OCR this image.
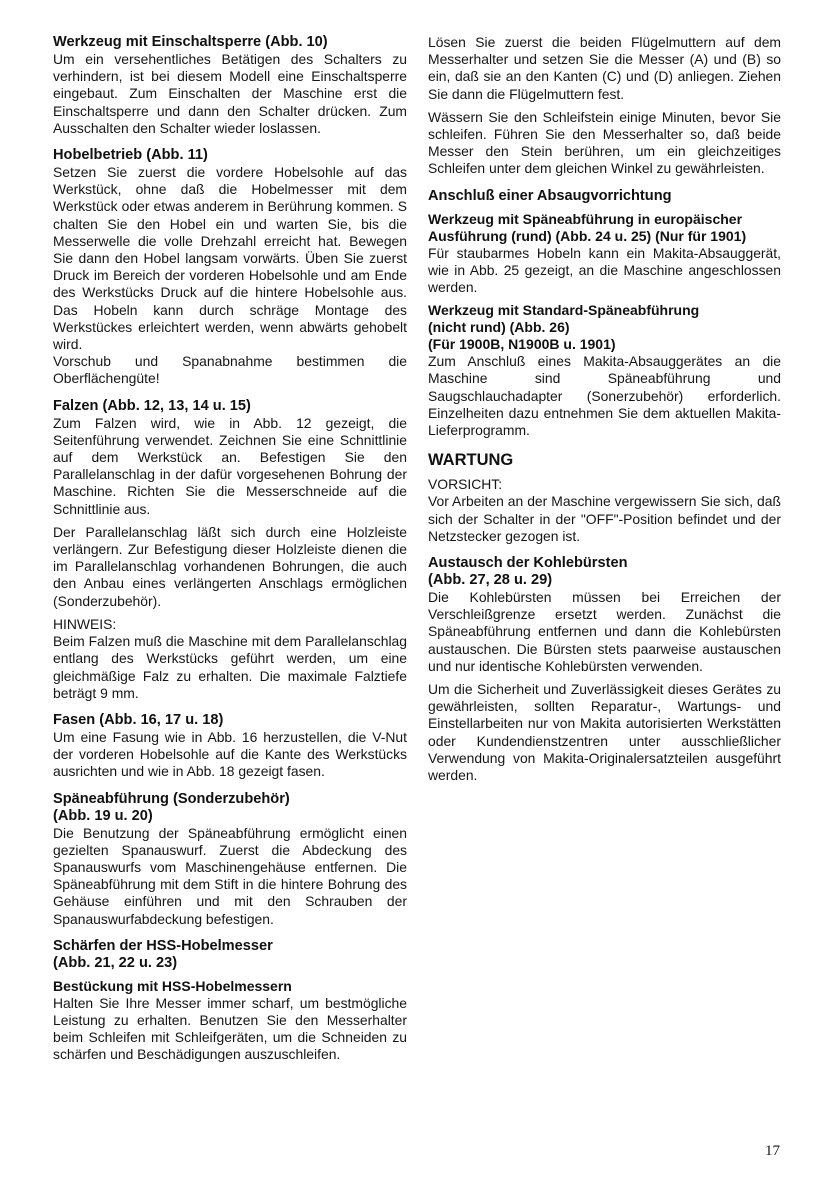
Werkzeug mit Einschaltsperre (Abb. 10)
Um ein versehentliches Betätigen des Schalters zu verhindern, ist bei diesem Modell eine Einschaltsperre eingebaut. Zum Einschalten der Maschine erst die Einschaltsperre und dann den Schalter drücken. Zum Ausschalten den Schalter wieder loslassen.
Hobelbetrieb (Abb. 11)
Setzen Sie zuerst die vordere Hobelsohle auf das Werkstück, ohne daß die Hobelmesser mit dem Werkstück oder etwas anderem in Berührung kommen. S chalten Sie den Hobel ein und warten Sie, bis die Messerwelle die volle Drehzahl erreicht hat. Bewegen Sie dann den Hobel langsam vorwärts. Üben Sie zuerst Druck im Bereich der vorderen Hobelsohle und am Ende des Werkstücks Druck auf die hintere Hobelsohle aus. Das Hobeln kann durch schräge Montage des Werkstückes erleichtert werden, wenn abwärts gehobelt wird.
Vorschub und Spanabnahme bestimmen die Oberflächengüte!
Falzen (Abb. 12, 13, 14 u. 15)
Zum Falzen wird, wie in Abb. 12 gezeigt, die Seitenführung verwendet. Zeichnen Sie eine Schnittlinie auf dem Werkstück an. Befestigen Sie den Parallelanschlag in der dafür vorgesehenen Bohrung der Maschine. Richten Sie die Messerschneide auf die Schnittlinie aus.
Der Parallelanschlag läßt sich durch eine Holzleiste verlängern. Zur Befestigung dieser Holzleiste dienen die im Parallelanschlag vorhandenen Bohrungen, die auch den Anbau eines verlängerten Anschlags ermöglichen (Sonderzubehör).
HINWEIS:
Beim Falzen muß die Maschine mit dem Parallelanschlag entlang des Werkstücks geführt werden, um eine gleichmäßige Falz zu erhalten. Die maximale Falztiefe beträgt 9 mm.
Fasen (Abb. 16, 17 u. 18)
Um eine Fasung wie in Abb. 16 herzustellen, die V-Nut der vorderen Hobelsohle auf die Kante des Werkstücks ausrichten und wie in Abb. 18 gezeigt fasen.
Späneabführung (Sonderzubehör)
(Abb. 19 u. 20)
Die Benutzung der Späneabführung ermöglicht einen gezielten Spanauswurf. Zuerst die Abdeckung des Spanauswurfs vom Maschinengehäuse entfernen. Die Späneabführung mit dem Stift in die hintere Bohrung des Gehäuse einführen und mit den Schrauben der Spanauswurfabdeckung befestigen.
Schärfen der HSS-Hobelmesser
(Abb. 21, 22 u. 23)
Bestückung mit HSS-Hobelmessern
Halten Sie Ihre Messer immer scharf, um bestmögliche Leistung zu erhalten. Benutzen Sie den Messerhalter beim Schleifen mit Schleifgeräten, um die Schneiden zu schärfen und Beschädigungen auszuschleifen.
Lösen Sie zuerst die beiden Flügelmuttern auf dem Messerhalter und setzen Sie die Messer (A) und (B) so ein, daß sie an den Kanten (C) und (D) anliegen. Ziehen Sie dann die Flügelmuttern fest.
Wässern Sie den Schleifstein einige Minuten, bevor Sie schleifen. Führen Sie den Messerhalter so, daß beide Messer den Stein berühren, um ein gleichzeitiges Schleifen unter dem gleichen Winkel zu gewährleisten.
Anschluß einer Absaugvorrichtung
Werkzeug mit Späneabführung in europäischer Ausführung (rund) (Abb. 24 u. 25) (Nur für 1901)
Für staubarmes Hobeln kann ein Makita-Absauggerät, wie in Abb. 25 gezeigt, an die Maschine angeschlossen werden.
Werkzeug mit Standard-Späneabführung
(nicht rund) (Abb. 26)
(Für 1900B, N1900B u. 1901)
Zum Anschluß eines Makita-Absauggerätes an die Maschine sind Späneabführung und Saugschlauchadapter (Sonerzubehör) erforderlich. Einzelheiten dazu entnehmen Sie dem aktuellen Makita-Lieferprogramm.
WARTUNG
VORSICHT:
Vor Arbeiten an der Maschine vergewissern Sie sich, daß sich der Schalter in der "OFF"-Position befindet und der Netzstecker gezogen ist.
Austausch der Kohlebürsten
(Abb. 27, 28 u. 29)
Die Kohlebürsten müssen bei Erreichen der Verschleißgrenze ersetzt werden. Zunächst die Späneabführung entfernen und dann die Kohlebürsten austauschen. Die Bürsten stets paarweise austauschen und nur identische Kohlebürsten verwenden.
Um die Sicherheit und Zuverlässigkeit dieses Gerätes zu gewährleisten, sollten Reparatur-, Wartungs- und Einstellarbeiten nur von Makita autorisierten Werkstätten oder Kundendienstzentren unter ausschließlicher Verwendung von Makita-Originalersatzteilen ausgeführt werden.
17
